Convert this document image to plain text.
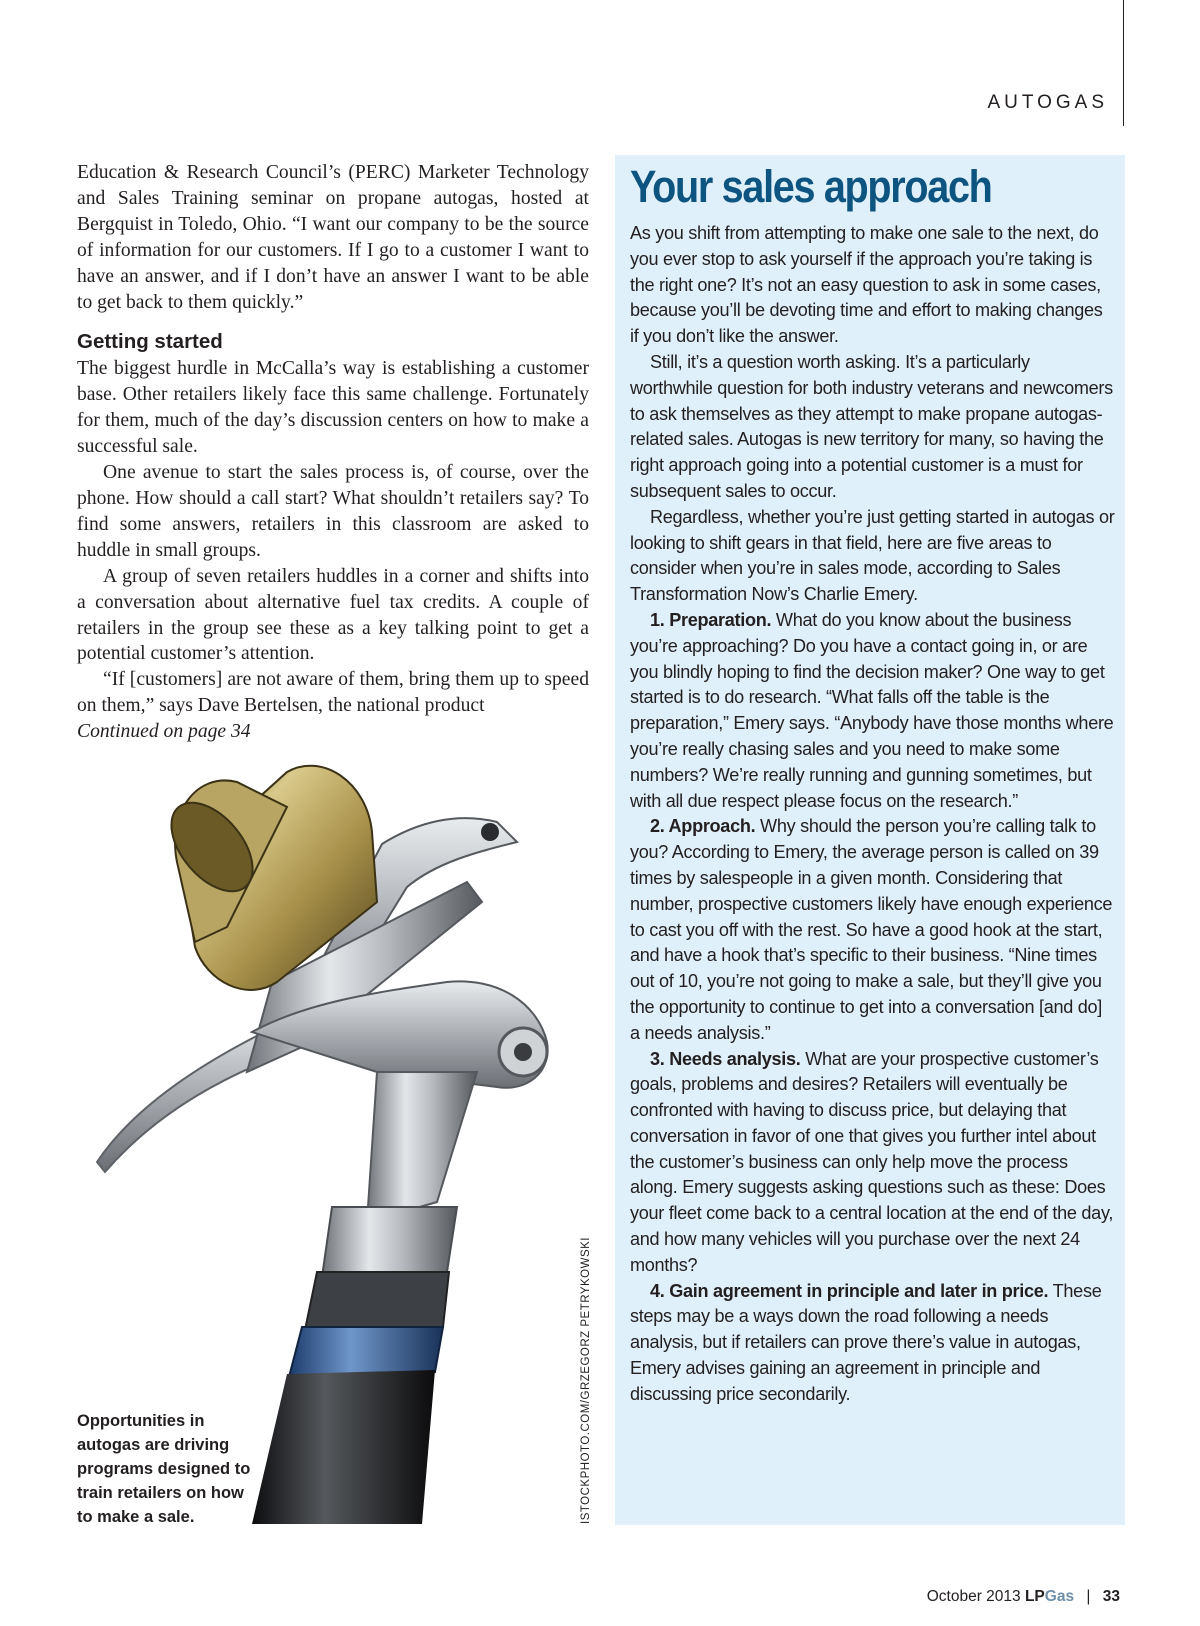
AUTOGAS

Education & Research Council’s (PERC) Marketer Technology and Sales Training seminar on propane autogas, hosted at Bergquist in Toledo, Ohio. “I want our company to be the source of information for our customers. If I go to a customer I want to have an answer, and if I don’t have an answer I want to be able to get back to them quickly.”

Getting started

The biggest hurdle in McCalla’s way is establishing a customer base. Other retailers likely face this same challenge. Fortunately for them, much of the day’s discussion centers on how to make a successful sale.

One avenue to start the sales process is, of course, over the phone. How should a call start? What shouldn’t retailers say? To find some answers, retailers in this classroom are asked to huddle in small groups.

A group of seven retailers huddles in a corner and shifts into a conversation about alternative fuel tax credits. A couple of retailers in the group see these as a key talking point to get a potential customer’s attention.

“If [customers] are not aware of them, bring them up to speed on them,” says Dave Bertelsen, the national product

Continued on page 34

ISTOCKPHOTO.COM/GRZEGORZ PETRYKOWSKI
Opportunities in autogas are driving programs designed to train retailers on how to make a sale.
Your sales approach

As you shift from attempting to make one sale to the next, do you ever stop to ask yourself if the approach you’re taking is the right one? It’s not an easy question to ask in some cases, because you’ll be devoting time and effort to making changes if you don’t like the answer.

Still, it’s a question worth asking. It’s a particularly worthwhile question for both industry veterans and newcomers to ask themselves as they attempt to make propane autogas-related sales. Autogas is new territory for many, so having the right approach going into a potential customer is a must for subsequent sales to occur.

Regardless, whether you’re just getting started in autogas or looking to shift gears in that field, here are five areas to consider when you’re in sales mode, according to Sales Transformation Now’s Charlie Emery.

1. Preparation. What do you know about the business you’re approaching? Do you have a contact going in, or are you blindly hoping to find the decision maker? One way to get started is to do research. “What falls off the table is the preparation,” Emery says. “Anybody have those months where you’re really chasing sales and you need to make some numbers? We’re really running and gunning sometimes, but with all due respect please focus on the research.”

2. Approach. Why should the person you’re calling talk to you? According to Emery, the average person is called on 39 times by salespeople in a given month. Considering that number, prospective customers likely have enough experience to cast you off with the rest. So have a good hook at the start, and have a hook that’s specific to their business. “Nine times out of 10, you’re not going to make a sale, but they’ll give you the opportunity to continue to get into a conversation [and do] a needs analysis.”

3. Needs analysis. What are your prospective customer’s goals, problems and desires? Retailers will eventually be confronted with having to discuss price, but delaying that conversation in favor of one that gives you further intel about the customer’s business can only help move the process along. Emery suggests asking questions such as these: Does your fleet come back to a central location at the end of the day, and how many vehicles will you purchase over the next 24 months?

4. Gain agreement in principle and later in price. These steps may be a ways down the road following a needs analysis, but if retailers can prove there’s value in autogas, Emery advises gaining an agreement in principle and discussing price secondarily.

October 2013 LPGas | 33
